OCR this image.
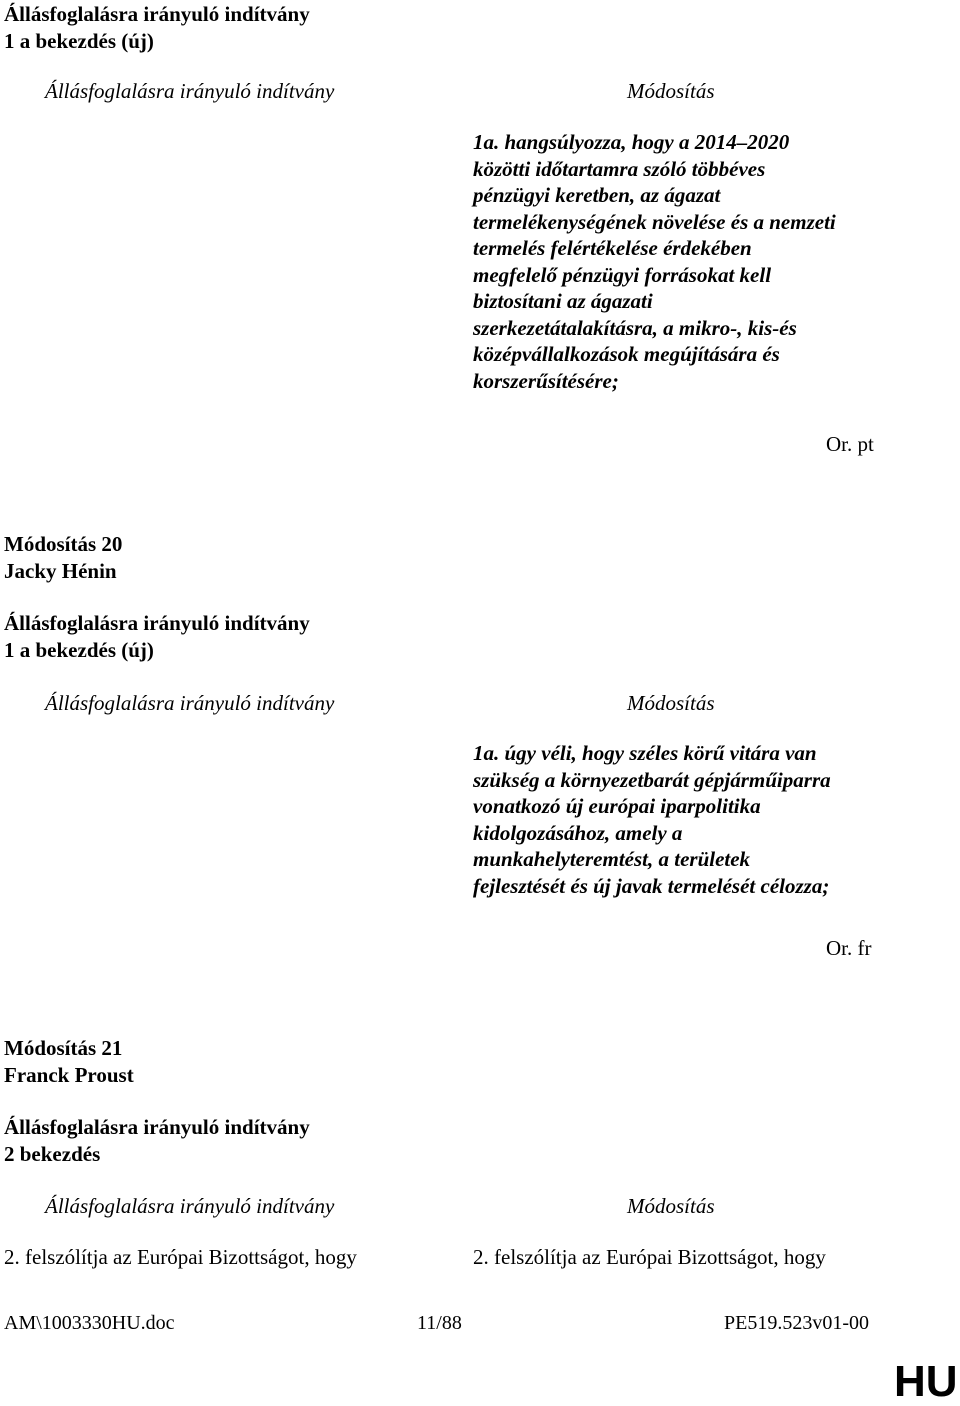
Állásfoglalásra irányuló indítvány
1 a bekezdés (új)
Állásfoglalásra irányuló indítvány	Módosítás
1a. hangsúlyozza, hogy a 2014–2020
közötti időtartamra szóló többéves
pénzügyi keretben, az ágazat
termelékenységének növelése és a nemzeti
termelés felértékelése érdekében
megfelelő pénzügyi forrásokat kell
biztosítani az ágazati
szerkezetátalakításra, a mikro-, kis-és
középvállalkozások megújítására és
korszerűsítésére;
Or. pt
Módosítás 20
Jacky Hénin
Állásfoglalásra irányuló indítvány
1 a bekezdés (új)
Állásfoglalásra irányuló indítvány	Módosítás
1a. úgy véli, hogy széles körű vitára van
szükség a környezetbarát gépjárműiparra
vonatkozó új európai iparpolitika
kidolgozásához, amely a
munkahelyteremtést, a területek
fejlesztését és új javak termelését célozza;
Or. fr
Módosítás 21
Franck Proust
Állásfoglalásra irányuló indítvány
2 bekezdés
Állásfoglalásra irányuló indítvány	Módosítás
2. felszólítja az Európai Bizottságot, hogy	2. felszólítja az Európai Bizottságot, hogy
AM\1003330HU.doc	11/88	PE519.523v01-00
HU
